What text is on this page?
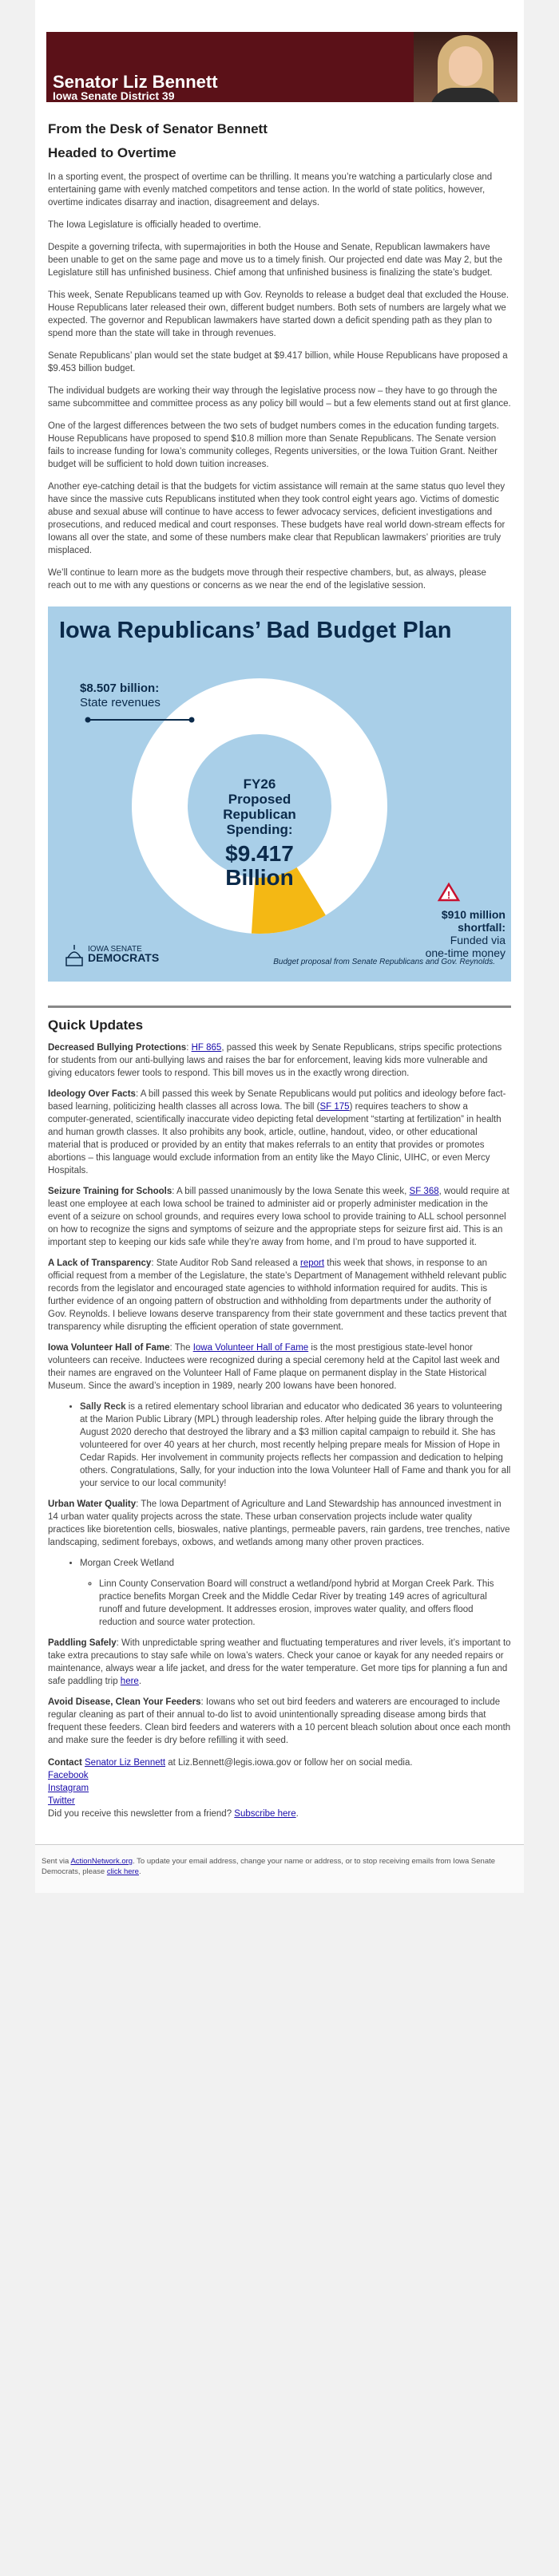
Senator Liz Bennett
Iowa Senate District 39
From the Desk of Senator Bennett
Headed to Overtime

In a sporting event, the prospect of overtime can be thrilling. It means you’re watching a particularly close and entertaining game with evenly matched competitors and tense action. In the world of state politics, however, overtime indicates disarray and inaction, disagreement and delays.

The Iowa Legislature is officially headed to overtime.

Despite a governing trifecta, with supermajorities in both the House and Senate, Republican lawmakers have been unable to get on the same page and move us to a timely finish. Our projected end date was May 2, but the Legislature still has unfinished business. Chief among that unfinished business is finalizing the state’s budget.

This week, Senate Republicans teamed up with Gov. Reynolds to release a budget deal that excluded the House. House Republicans later released their own, different budget numbers. Both sets of numbers are largely what we expected. The governor and Republican lawmakers have started down a deficit spending path as they plan to spend more than the state will take in through revenues.

Senate Republicans’ plan would set the state budget at $9.417 billion, while House Republicans have proposed a $9.453 billion budget.

The individual budgets are working their way through the legislative process now – they have to go through the same subcommittee and committee process as any policy bill would – but a few elements stand out at first glance.

One of the largest differences between the two sets of budget numbers comes in the education funding targets. House Republicans have proposed to spend $10.8 million more than Senate Republicans. The Senate version fails to increase funding for Iowa’s community colleges, Regents universities, or the Iowa Tuition Grant. Neither budget will be sufficient to hold down tuition increases.

Another eye-catching detail is that the budgets for victim assistance will remain at the same status quo level they have since the massive cuts Republicans instituted when they took control eight years ago. Victims of domestic abuse and sexual abuse will continue to have access to fewer advocacy services, deficient investigations and prosecutions, and reduced medical and court responses. These budgets have real world down-stream effects for Iowans all over the state, and some of these numbers make clear that Republican lawmakers’ priorities are truly misplaced.

We’ll continue to learn more as the budgets move through their respective chambers, but, as always, please reach out to me with any questions or concerns as we near the end of the legislative session.

Iowa Republicans’ Bad Budget Plan
!
$8.507 billion:
State revenues
FY26
Proposed
Republican
Spending:
$9.417
Billion
$910 million
shortfall:
Funded via
one-time money
IOWA SENATE
DEMOCRATS	Budget proposal from Senate Republicans and Gov. Reynolds.
Quick Updates

Decreased Bullying Protections: HF 865, passed this week by Senate Republicans, strips specific protections for students from our anti-bullying laws and raises the bar for enforcement, leaving kids more vulnerable and giving educators fewer tools to respond. This bill moves us in the exactly wrong direction.

Ideology Over Facts: A bill passed this week by Senate Republicans would put politics and ideology before fact-based learning, politicizing health classes all across Iowa. The bill (SF 175) requires teachers to show a computer-generated, scientifically inaccurate video depicting fetal development “starting at fertilization” in health and human growth classes. It also prohibits any book, article, outline, handout, video, or other educational material that is produced or provided by an entity that makes referrals to an entity that provides or promotes abortions – this language would exclude information from an entity like the Mayo Clinic, UIHC, or even Mercy Hospitals.

Seizure Training for Schools: A bill passed unanimously by the Iowa Senate this week, SF 368, would require at least one employee at each Iowa school be trained to administer aid or properly administer medication in the event of a seizure on school grounds, and requires every Iowa school to provide training to ALL school personnel on how to recognize the signs and symptoms of seizure and the appropriate steps for seizure first aid. This is an important step to keeping our kids safe while they’re away from home, and I’m proud to have supported it.

A Lack of Transparency: State Auditor Rob Sand released a report this week that shows, in response to an official request from a member of the Legislature, the state’s Department of Management withheld relevant public records from the legislator and encouraged state agencies to withhold information required for audits. This is further evidence of an ongoing pattern of obstruction and withholding from departments under the authority of Gov. Reynolds. I believe Iowans deserve transparency from their state government and these tactics prevent that transparency while disrupting the efficient operation of state government.

Iowa Volunteer Hall of Fame: The Iowa Volunteer Hall of Fame is the most prestigious state-level honor volunteers can receive. Inductees were recognized during a special ceremony held at the Capitol last week and their names are engraved on the Volunteer Hall of Fame plaque on permanent display in the State Historical Museum. Since the award’s inception in 1989, nearly 200 Iowans have been honored.

• Sally Reck is a retired elementary school librarian and educator who dedicated 36 years to volunteering at the Marion Public Library (MPL) through leadership roles. After helping guide the library through the August 2020 derecho that destroyed the library and a $3 million capital campaign to rebuild it. She has volunteered for over 40 years at her church, most recently helping prepare meals for Mission of Hope in Cedar Rapids. Her involvement in community projects reflects her compassion and dedication to helping others. Congratulations, Sally, for your induction into the Iowa Volunteer Hall of Fame and thank you for all your service to our local community!

Urban Water Quality: The Iowa Department of Agriculture and Land Stewardship has announced investment in 14 urban water quality projects across the state. These urban conservation projects include water quality practices like bioretention cells, bioswales, native plantings, permeable pavers, rain gardens, tree trenches, native landscaping, sediment forebays, oxbows, and wetlands among many other proven practices.

• Morgan Creek Wetland
◦ Linn County Conservation Board will construct a wetland/pond hybrid at Morgan Creek Park. This practice benefits Morgan Creek and the Middle Cedar River by treating 149 acres of agricultural runoff and future development. It addresses erosion, improves water quality, and offers flood reduction and source water protection.

Paddling Safely: With unpredictable spring weather and fluctuating temperatures and river levels, it’s important to take extra precautions to stay safe while on Iowa’s waters. Check your canoe or kayak for any needed repairs or maintenance, always wear a life jacket, and dress for the water temperature. Get more tips for planning a fun and safe paddling trip here.

Avoid Disease, Clean Your Feeders: Iowans who set out bird feeders and waterers are encouraged to include regular cleaning as part of their annual to-do list to avoid unintentionally spreading disease among birds that frequent these feeders. Clean bird feeders and waterers with a 10 percent bleach solution about once each month and make sure the feeder is dry before refilling it with seed.

Contact Senator Liz Bennett at Liz.Bennett@legis.iowa.gov or follow her on social media.
Facebook
Instagram
Twitter
Did you receive this newsletter from a friend? Subscribe here.
Sent via ActionNetwork.org. To update your email address, change your name or address, or to stop receiving emails from Iowa Senate Democrats, please click here.
